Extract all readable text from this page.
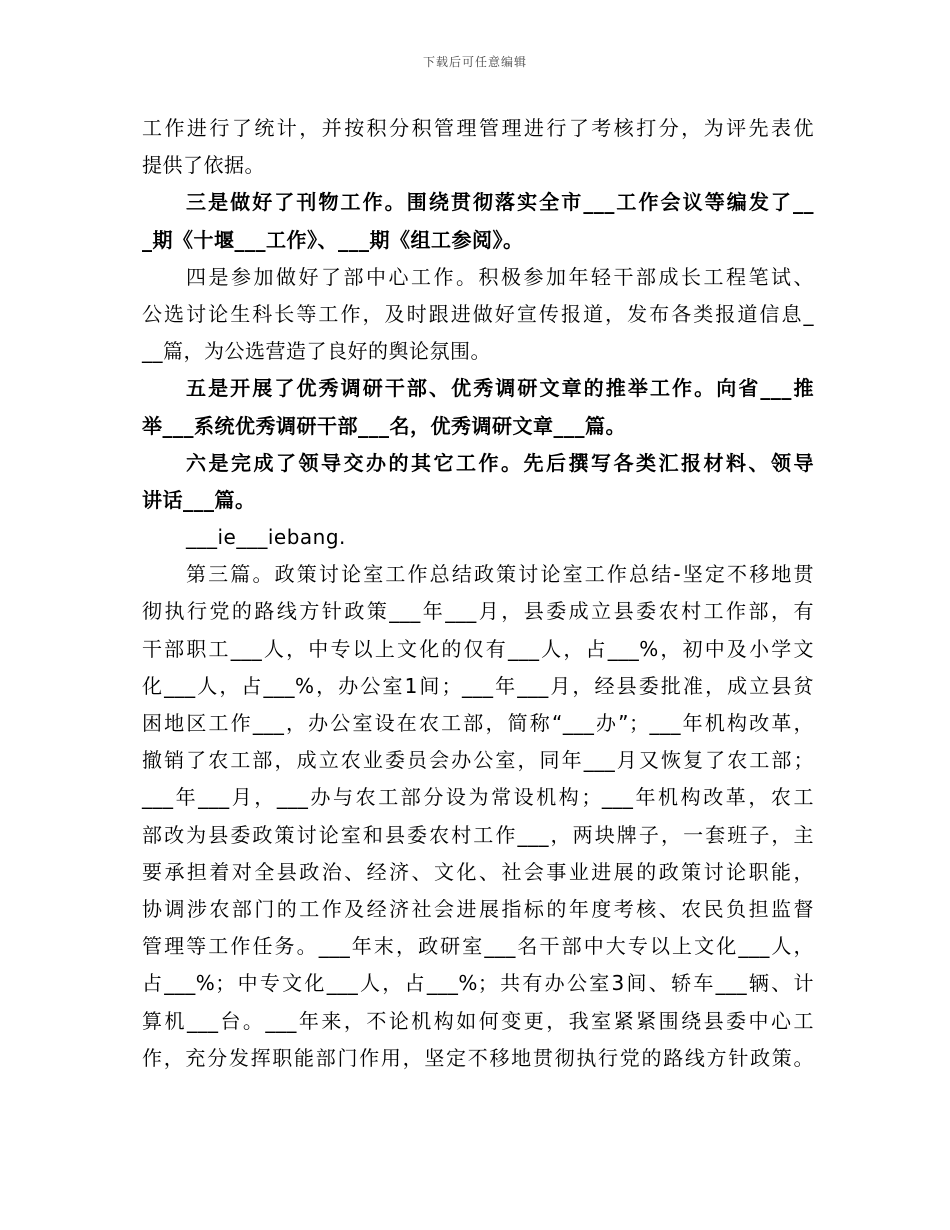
下载后可任意编辑
工作进行了统计，并按积分积管理管理进行了考核打分，为评先表优
提供了依据。
三是做好了刊物工作。围绕贯彻落实全市___工作会议等编发了__
_期《十堰___工作》、___期《组工参阅》。
四是参加做好了部中心工作。积极参加年轻干部成长工程笔试、
公选讨论生科长等工作，及时跟进做好宣传报道，发布各类报道信息_
__篇，为公选营造了良好的舆论氛围。
五是开展了优秀调研干部、优秀调研文章的推举工作。向省___推
举___系统优秀调研干部___名，优秀调研文章___篇。
六是完成了领导交办的其它工作。先后撰写各类汇报材料、领导
讲话___篇。
___ie___iebang.
第三篇。政策讨论室工作总结政策讨论室工作总结-坚定不移地贯
彻执行党的路线方针政策___年___月，县委成立县委农村工作部，有
干部职工___人，中专以上文化的仅有___人，占___%，初中及小学文
化___人，占___%，办公室1间；___年___月，经县委批准，成立县贫
困地区工作___，办公室设在农工部，简称“___办”；___年机构改革，
撤销了农工部，成立农业委员会办公室，同年___月又恢复了农工部；
___年___月，___办与农工部分设为常设机构；___年机构改革，农工
部改为县委政策讨论室和县委农村工作___，两块牌子，一套班子，主
要承担着对全县政治、经济、文化、社会事业进展的政策讨论职能，
协调涉农部门的工作及经济社会进展指标的年度考核、农民负担监督
管理等工作任务。___年末，政研室___名干部中大专以上文化___人，
占___%；中专文化___人，占___%；共有办公室3间、轿车___辆、计
算机___台。___年来，不论机构如何变更，我室紧紧围绕县委中心工
作，充分发挥职能部门作用，坚定不移地贯彻执行党的路线方针政策。
